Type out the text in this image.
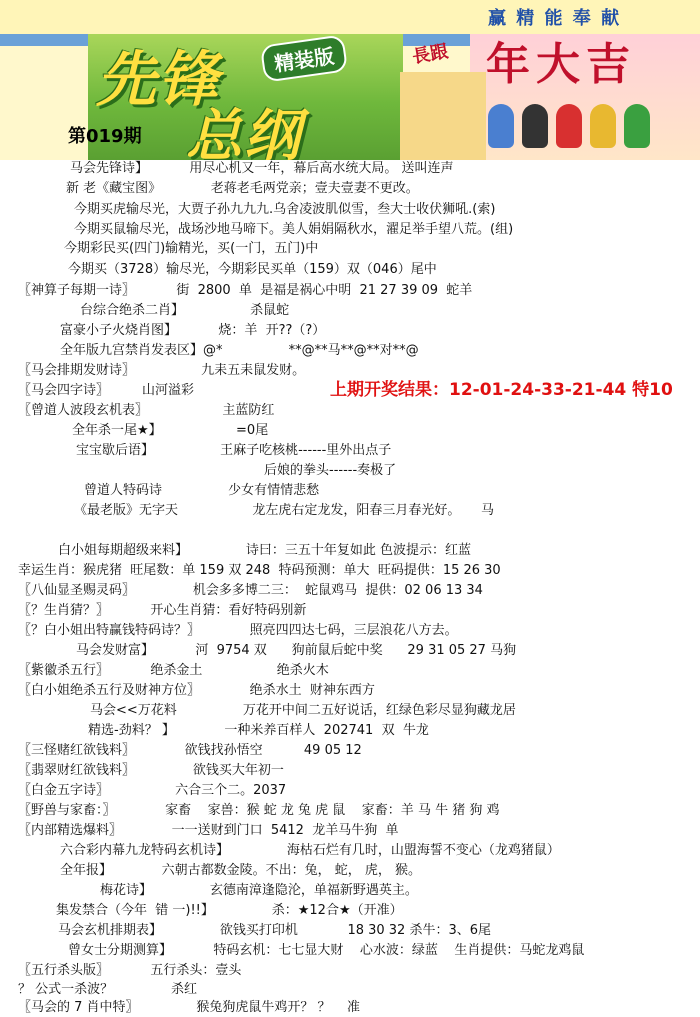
赢 精 能 奉 献
長跟 年大吉
先锋
总纲
精装版
第019期
马会先锋诗】          用尽心机又一年，幕后高水统大局。 送叫连声
新 老《藏宝图》            老蒋老毛两党亲；壹夫壹妻不更改。
今期买虎输尽光，大贾子孙九九九.乌舍凌波肌似雪，叁大士收伏狮吼.(索)
今期买鼠输尽光，战场沙地马啼下。美人娟娟隔秋水，濯足举手望八荒。(组)
今期彩民买(四门)输精光，买(一门，五门)中
今期买（3728）输尽光，今期彩民买单（159）双（046）尾中
〖神算子每期一诗〗          街  2800  单  是福是祸心中明  21 27 39 09  蛇羊
台综合绝杀二肖】                杀鼠蛇
富豪小子火烧肖图】          烧：羊  开??（?）
全年版九宫禁肖发表区】@*                **@**马**@**对**@
〖马会排期发财诗〗                九耒五耒鼠发财。
〖马会四字诗〗        山河溢彩	上期开奖结果：12-01-24-33-21-44 特10
〖曾道人波段玄机表〗                  主蓝防红
全年杀一尾★】                  =0尾
宝宝歇后语】                王麻子吃核桃------里外出点子
后娘的拳头------奏极了
曾道人特码诗                少女有情情悲愁
《最老版》无字天                  龙左虎右定龙发，阳春三月春光好。     马
白小姐每期超级来料】              诗曰：三五十年复如此 色波提示：红蓝
幸运生肖：猴虎猪  旺尾数：单 159 双 248  特码预测：单大  旺码提供：15 26 30
〖八仙显圣赐灵码〗              机会多多博二三：  蛇鼠鸡马  提供：02 06 13 34
〖？生肖猜？〗          开心生肖猜：看好特码别新
〖？白小姐出特赢钱特码诗？〗            照亮四四达七码，三层浪花八方去。
马会发财富】          河  9754 双      狗前鼠后蛇中奖      29 31 05 27 马狗
〖紫徽杀五行〗          绝杀金土                  绝杀火木
〖白小姐绝杀五行及财神方位〗            绝杀水土  财神东西方
马会<<万花料                万花开中间二五好说话，红绿色彩尽显狗藏龙居
精选-劲料？ 】            一种米养百样人  202741  双  牛龙
〖三怪赌红欲钱料〗            欲钱找孙悟空          49 05 12
〖翡翠财红欲钱料〗              欲钱买大年初一
〖白金五字诗〗                六合三个二。2037
〖野兽与家畜：〗            家畜    家兽：猴 蛇 龙 兔 虎 鼠    家畜：羊 马 牛 猪 狗 鸡
〖内部精选爆料〗            一一送财到门口  5412  龙羊马牛狗  单
六合彩内幕九龙特码玄机诗】              海枯石烂有几时，山盟海誓不变心（龙鸡猪鼠）
全年报】            六朝古都数金陵。不出：兔， 蛇， 虎， 猴。
梅花诗】              玄德南漳逢隐沦，单福新野遇英主。
集发禁合（今年  错 一)!!】              杀：★12合★（开准）
马会玄机排期表】              欲钱买打印机            18 30 32 杀牛：3、6尾
曾女士分期测算】          特码玄机：七七显大财    心水波：绿蓝    生肖提供：马蛇龙鸡鼠
〖五行杀头版〗          五行杀头：壹头
？ 公式一杀波？              杀红
〖马会的 7 肖中特〗              猴兔狗虎鼠牛鸡开？ ？    准
